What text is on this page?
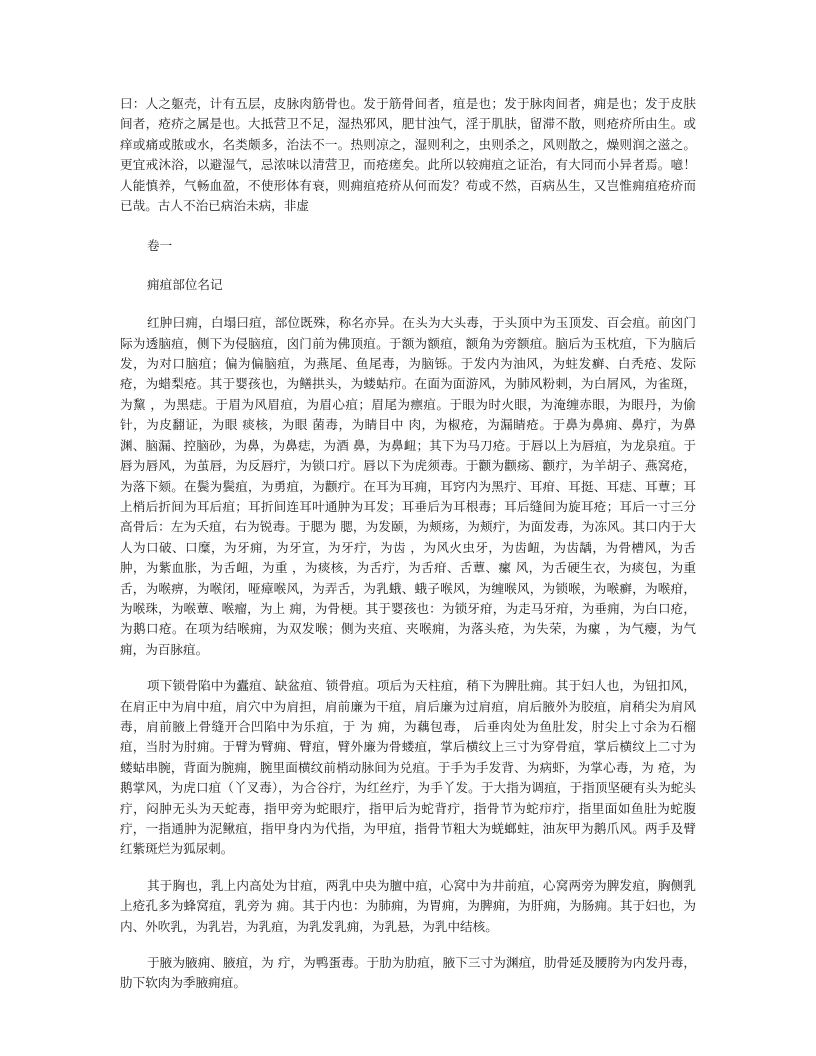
曰：人之躯壳，计有五层，皮脉肉筋骨也。发于筋骨间者，疽是也；发于脉肉间者，痈是也；发于皮肤间者，疮疥之属是也。大抵营卫不足，湿热邪风，肥甘浊气，淫于肌肤，留滞不散，则疮疥所由生。或痒或痛或脓或水，名类颇多，治法不一。热则凉之，湿则利之，虫则杀之，风则散之，燥则润之滋之。更宜戒沐浴，以避湿气，忌浓味以清营卫，而疮瘥矣。此所以较痈疽之证治，有大同而小异者焉。噫！人能慎养，气畅血盈，不使形体有衰，则痈疽疮疥从何而发？苟或不然，百病丛生，又岂惟痈疽疮疥而已哉。古人不治已病治未病，非虚

卷一

痈疽部位名记

红肿曰痈，白塌曰疽，部位既殊，称名亦异。在头为大头毒，于头顶中为玉顶发、百会疽。前囟门际为透脑疽，侧下为侵脑疽，囟门前为佛顶疽。于额为额疽，额角为旁额疽。脑后为玉枕疽，下为脑后发，为对口脑疽；偏为偏脑疽，为燕尾、鱼尾毒，为脑铄。于发内为油风，为蛀发癣、白秃疮、发际疮，为蜡梨疮。其于婴孩也，为鳝拱头，为蝼蛄疖。在面为面游风，为肺风粉刺，为白屑风，为雀斑，为黧 ，为黑痣。于眉为风眉疽，为眉心疽；眉尾为瘭疽。于眼为时火眼，为淹缠赤眼，为眼丹，为偷针，为皮翻证，为眼 痰核，为眼 菌毒，为睛目中 肉，为椒疮，为漏睛疮。于鼻为鼻痈、鼻疔，为鼻渊、脑漏、控脑砂，为鼻，为鼻痣，为酒 鼻，为鼻衄；其下为马刀疮。于唇以上为唇疽，为龙泉疽。于唇为唇风，为茧唇，为反唇疔，为锁口疔。唇以下为虎须毒。于颧为颧疡、颧疔，为羊胡子、燕窝疮，为落下颏。在鬓为鬓疽，为勇疽，为颧疔。在耳为耳痈，耳窍内为黑疔、耳疳、耳挺、耳痣、耳蕈；耳上梢后折间为耳后疽；耳折间连耳叶通肿为耳发；耳垂后为耳根毒；耳后缝间为旋耳疮；耳后一寸三分高骨后：左为夭疽，右为锐毒。于腮为 腮，为发颐，为颊疡，为颊疔，为面发毒，为冻风。其口内于大人为口破、口糜，为牙痈，为牙宣，为牙疔，为齿 ，为风火虫牙，为齿衄，为齿龋，为骨槽风，为舌肿，为紫血胀，为舌衄，为重 ，为痰核，为舌疔，为舌疳、舌蕈、瘰 风，为舌硬生衣，为痰包，为重舌，为喉痹，为喉闭，哑瘴喉风，为弄舌，为乳蛾、蛾子喉风，为缠喉风，为锁喉，为喉癣，为喉疳，为喉珠，为喉蕈、喉瘤，为上 痈，为骨梗。其于婴孩也：为锁牙疳，为走马牙疳，为垂痈，为白口疮，为鹅口疮。在项为结喉痈，为双发喉；侧为夹疽、夹喉痈，为落头疮，为失荣，为瘰 ，为气瘿，为气痈，为百脉疽。

项下锁骨陷中为蠹疽、缺盆疽、锁骨疽。项后为天柱疽，稍下为脾肚痈。其于妇人也，为钮扣风，在肩正中为肩中疽，肩穴中为肩担，肩前廉为干疽，肩后廉为过肩疽，肩后腋外为胶疽，肩稍尖为肩风毒，肩前腋上骨缝开合凹陷中为乐疽，于 为 痈，为藕包毒， 后垂肉处为鱼肚发，肘尖上寸余为石榴疽，当肘为肘痈。于臂为臂痈、臂疽，臂外廉为骨蝼疽，掌后横纹上三寸为穿骨疽，掌后横纹上二寸为蝼蛄串腕，背面为腕痈，腕里面横纹前梢动脉间为兑疽。于手为手发背、为病虾，为掌心毒，为 疮，为鹅掌风，为虎口疽（丫叉毒），为合谷疔，为红丝疔，为手丫发。于大指为调疽，于指顶坚硬有头为蛇头疔，闷肿无头为天蛇毒，指甲旁为蛇眼疔，指甲后为蛇背疔，指骨节为蛇疖疔，指里面如鱼肚为蛇腹疔，一指通肿为泥鳅疽，指甲身内为代指，为甲疽，指骨节粗大为蜣螂蛀，油灰甲为鹅爪风。两手及臂红紫斑烂为狐尿刺。

其于胸也，乳上内高处为甘疽，两乳中央为膻中疽，心窝中为井前疽，心窝两旁为脾发疽，胸侧乳上疮孔多为蜂窝疽，乳旁为 痈。其于内也：为肺痈，为胃痈，为脾痈，为肝痈，为肠痈。其于妇也，为内、外吹乳，为乳岩，为乳疽，为乳发乳痈，为乳悬，为乳中结核。

于腋为腋痈、腋疽，为 疔，为鸭蛋毒。于肋为肋疽，腋下三寸为渊疽，肋骨延及腰胯为内发丹毒，肋下软肉为季腋痈疽。
